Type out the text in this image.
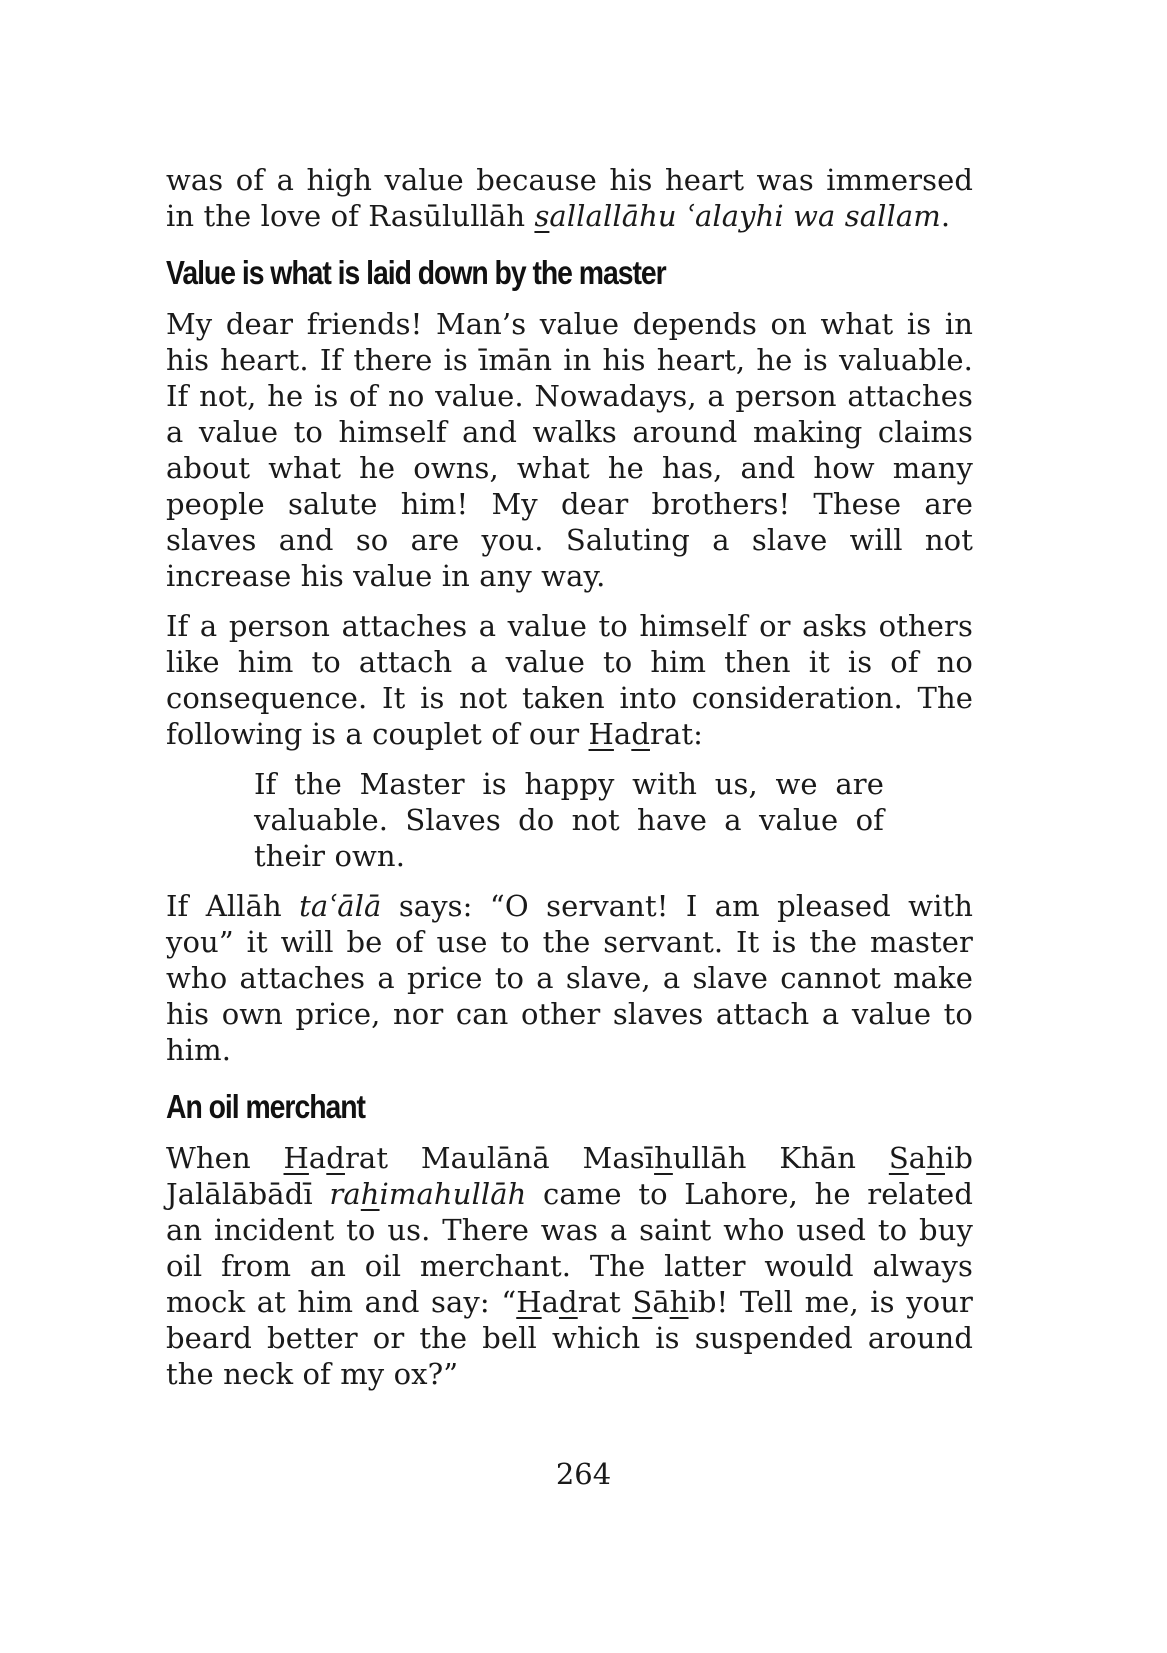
was of a high value because his heart was immersed in the love of Rasūlullāh sallallāhu ʿalayhi wa sallam.

Value is what is laid down by the master

My dear friends! Man’s value depends on what is in his heart. If there is īmān in his heart, he is valuable. If not, he is of no value. Nowadays, a person attaches a value to himself and walks around making claims about what he owns, what he has, and how many people salute him! My dear brothers! These are slaves and so are you. Saluting a slave will not increase his value in any way.

If a person attaches a value to himself or asks others like him to attach a value to him then it is of no consequence. It is not taken into consideration. The following is a couplet of our Hadrat:

If the Master is happy with us, we are valuable. Slaves do not have a value of their own.

If Allāh taʿālā says: “O servant! I am pleased with you” it will be of use to the servant. It is the master who attaches a price to a slave, a slave cannot make his own price, nor can other slaves attach a value to him.

An oil merchant

When Hadrat Maulānā Masīhullāh Khān Sahib Jalālābādī rahimahullāh came to Lahore, he related an incident to us. There was a saint who used to buy oil from an oil merchant. The latter would always mock at him and say: “Hadrat Sāhib! Tell me, is your beard better or the bell which is suspended around the neck of my ox?”

264
